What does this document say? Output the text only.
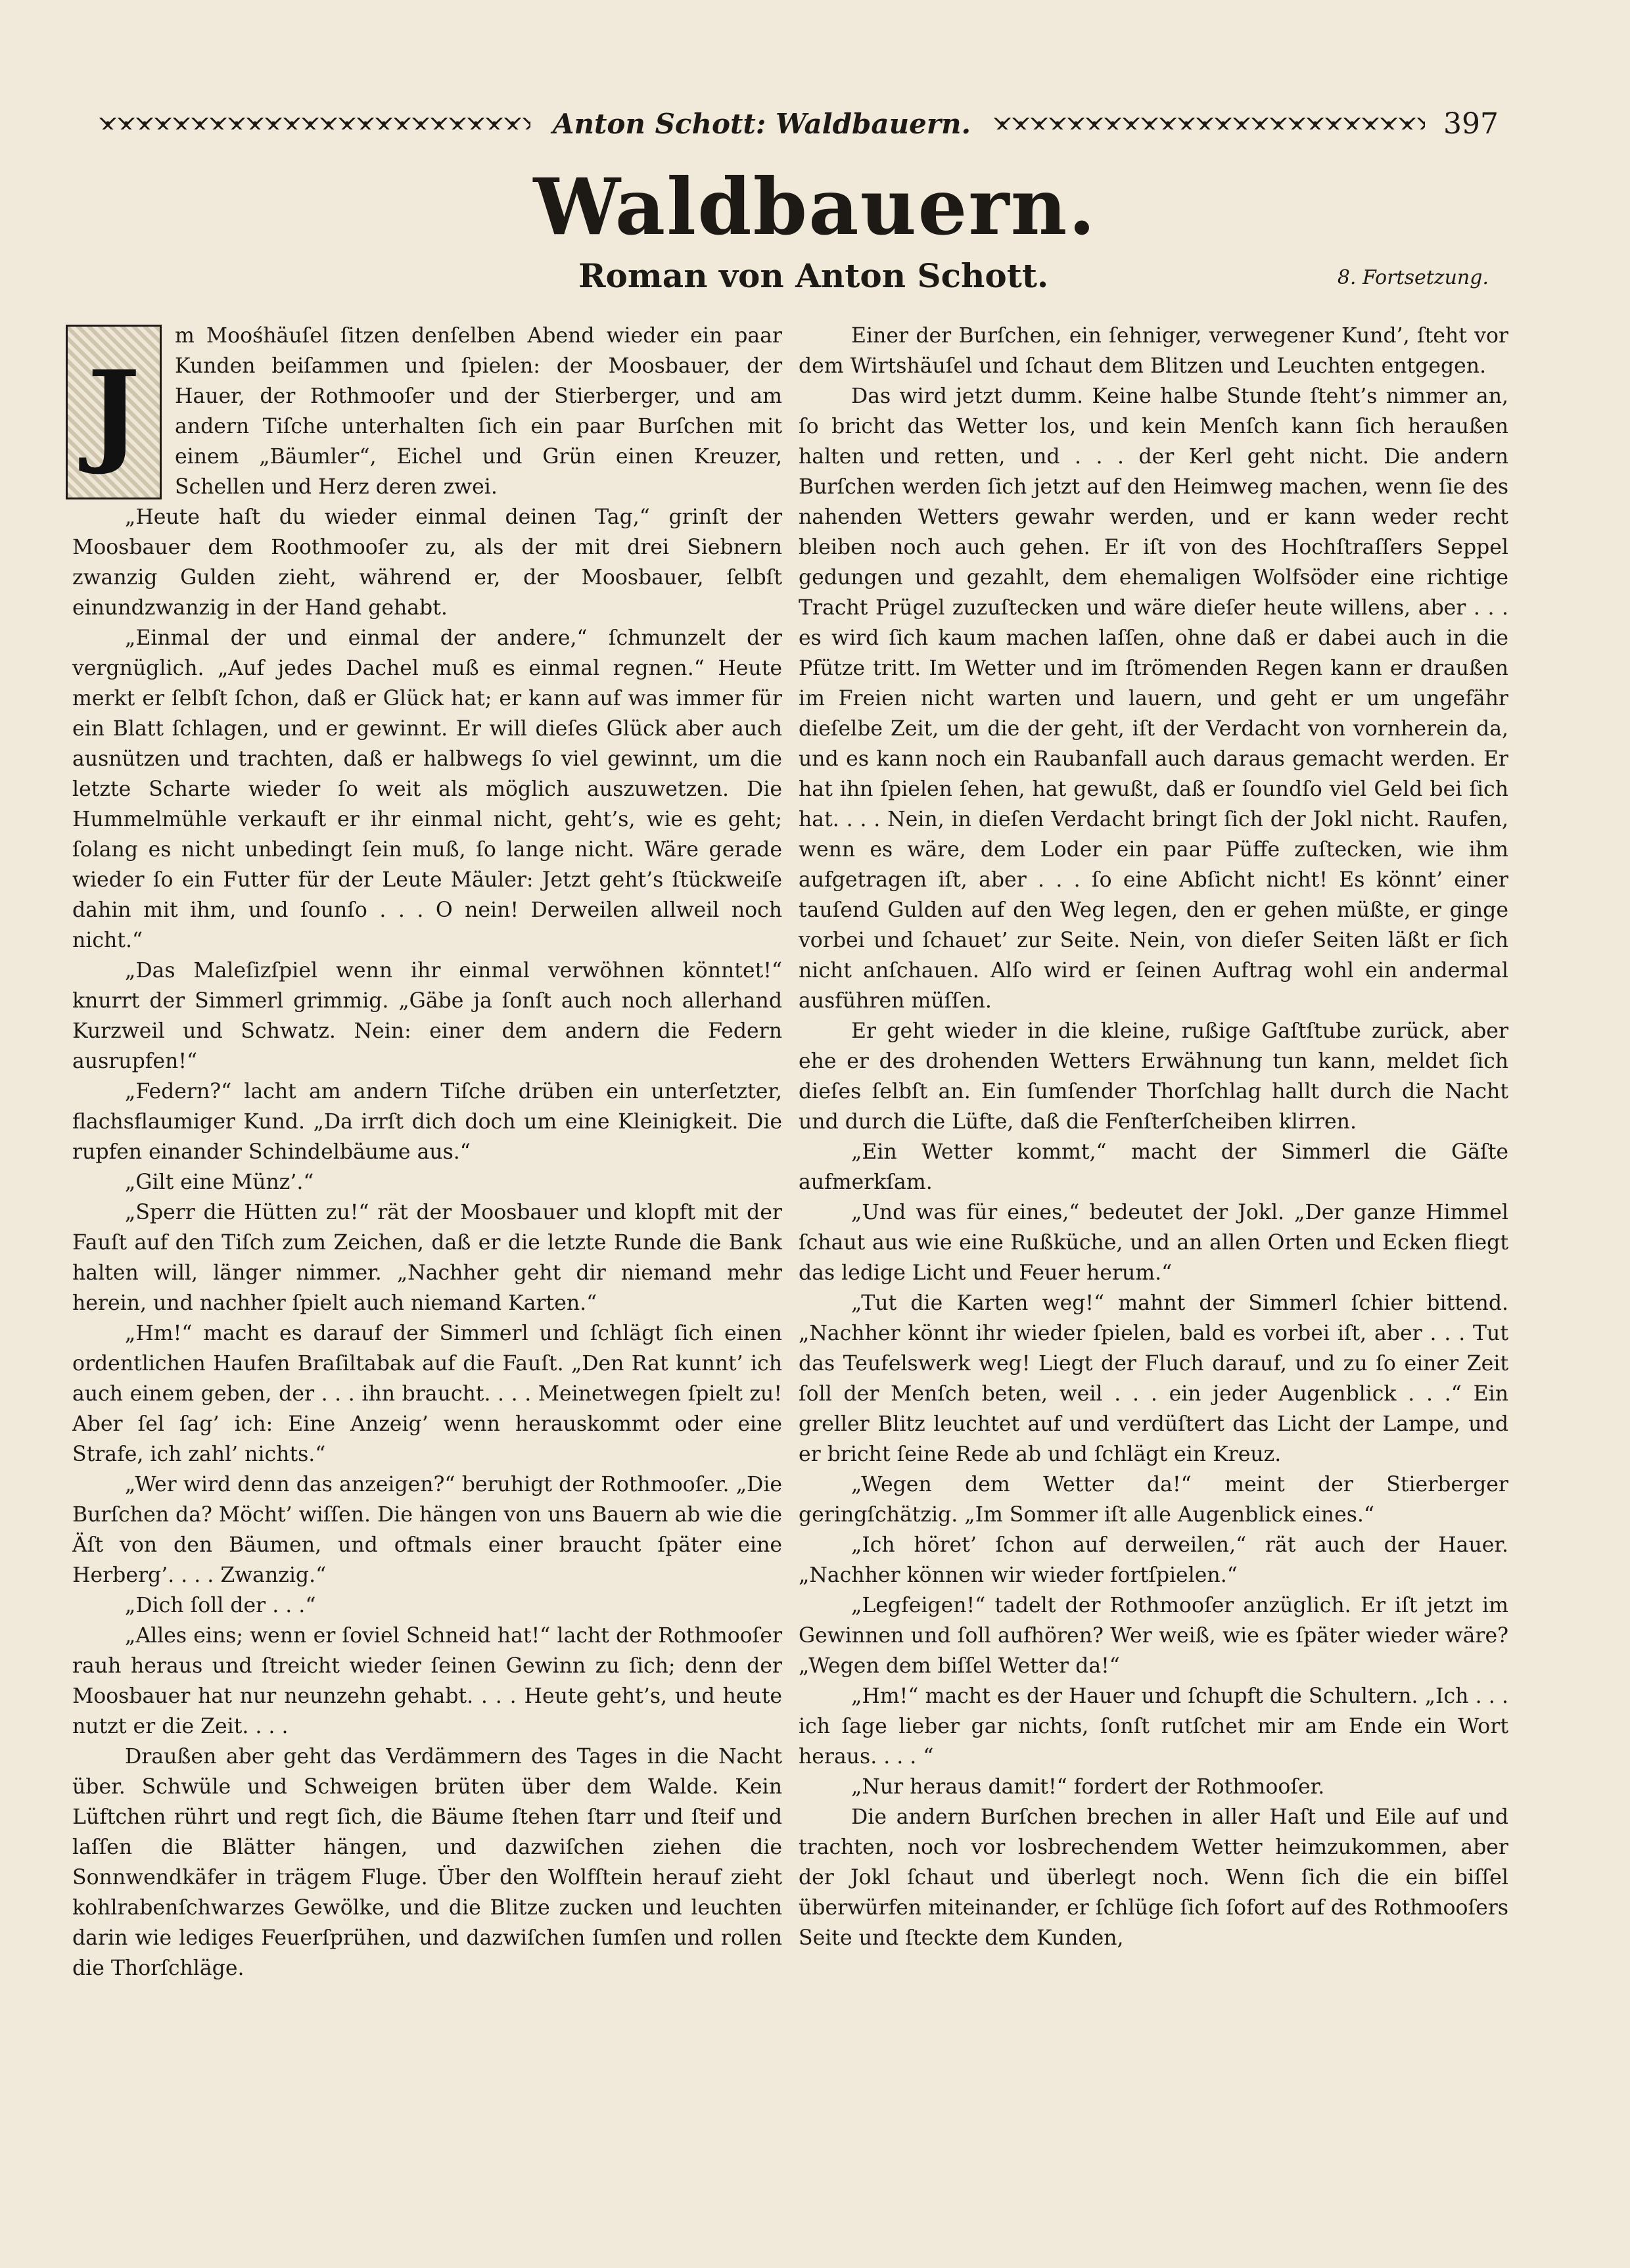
Anton Schott: Waldbauern.	397
Waldbauern.
Roman von Anton Schott.	8. Fortsetzung.

J
m Moośhäuſel ſitzen denſelben Abend wieder ein paar Kunden beiſammen und ſpielen: der Moosbauer, der Hauer, der Rothmooſer und der Stierberger, und am andern Tiſche unterhalten ſich ein paar Burſchen mit einem „Bäumler“, Eichel und Grün einen Kreuzer, Schellen und Herz deren zwei.

„Heute haſt du wieder einmal deinen Tag,“ grinſt der Moosbauer dem Roothmooſer zu, als der mit drei Siebnern zwanzig Gulden zieht, während er, der Moosbauer, ſelbſt einundzwanzig in der Hand gehabt.

„Einmal der und einmal der andere,“ ſchmunzelt der vergnüglich. „Auf jedes Dachel muß es einmal regnen.“ Heute merkt er ſelbſt ſchon, daß er Glück hat; er kann auf was immer für ein Blatt ſchlagen, und er gewinnt. Er will dieſes Glück aber auch ausnützen und trachten, daß er halbwegs ſo viel gewinnt, um die letzte Scharte wieder ſo weit als möglich auszuwetzen. Die Hummelmühle verkauft er ihr einmal nicht, geht’s, wie es geht; ſolang es nicht unbedingt ſein muß, ſo lange nicht. Wäre gerade wieder ſo ein Futter für der Leute Mäuler: Jetzt geht’s ſtückweiſe dahin mit ihm, und ſounſo . . . O nein! Derweilen allweil noch nicht.“

„Das Maleſizſpiel wenn ihr einmal verwöhnen könntet!“ knurrt der Simmerl grimmig. „Gäbe ja ſonſt auch noch allerhand Kurzweil und Schwatz. Nein: einer dem andern die Federn ausrupfen!“

„Federn?“ lacht am andern Tiſche drüben ein unterſetzter, flachsflaumiger Kund. „Da irrſt dich doch um eine Kleinigkeit. Die rupfen einander Schindelbäume aus.“

„Gilt eine Münz’.“

„Sperr die Hütten zu!“ rät der Moosbauer und klopft mit der Fauſt auf den Tiſch zum Zeichen, daß er die letzte Runde die Bank halten will, länger nimmer. „Nachher geht dir niemand mehr herein, und nachher ſpielt auch niemand Karten.“

„Hm!“ macht es darauf der Simmerl und ſchlägt ſich einen ordentlichen Haufen Braſiltabak auf die Fauſt. „Den Rat kunnt’ ich auch einem geben, der . . . ihn braucht. . . . Meinetwegen ſpielt zu! Aber ſel ſag’ ich: Eine Anzeig’ wenn herauskommt oder eine Strafe, ich zahl’ nichts.“

„Wer wird denn das anzeigen?“ beruhigt der Rothmooſer. „Die Burſchen da? Möcht’ wiſſen. Die hängen von uns Bauern ab wie die Äſt von den Bäumen, und oftmals einer braucht ſpäter eine Herberg’. . . . Zwanzig.“

„Dich ſoll der . . .“

„Alles eins; wenn er ſoviel Schneid hat!“ lacht der Rothmooſer rauh heraus und ſtreicht wieder ſeinen Gewinn zu ſich; denn der Moosbauer hat nur neunzehn gehabt. . . . Heute geht’s, und heute nutzt er die Zeit. . . .

Draußen aber geht das Verdämmern des Tages in die Nacht über. Schwüle und Schweigen brüten über dem Walde. Kein Lüftchen rührt und regt ſich, die Bäume ſtehen ſtarr und ſteif und laſſen die Blätter hängen, und dazwiſchen ziehen die Sonnwendkäfer in trägem Fluge. Über den Wolfſtein herauf zieht kohlrabenſchwarzes Gewölke, und die Blitze zucken und leuchten darin wie lediges Feuerſprühen, und dazwiſchen ſumſen und rollen die Thorſchläge.

Einer der Burſchen, ein ſehniger, verwegener Kund’, ſteht vor dem Wirtshäuſel und ſchaut dem Blitzen und Leuchten entgegen.

Das wird jetzt dumm. Keine halbe Stunde ſteht’s nimmer an, ſo bricht das Wetter los, und kein Menſch kann ſich heraußen halten und retten, und . . . der Kerl geht nicht. Die andern Burſchen werden ſich jetzt auf den Heimweg machen, wenn ſie des nahenden Wetters gewahr werden, und er kann weder recht bleiben noch auch gehen. Er iſt von des Hochſtraſſers Seppel gedungen und gezahlt, dem ehemaligen Wolfsöder eine richtige Tracht Prügel zuzuſtecken und wäre dieſer heute willens, aber . . . es wird ſich kaum machen laſſen, ohne daß er dabei auch in die Pfütze tritt. Im Wetter und im ſtrömenden Regen kann er draußen im Freien nicht warten und lauern, und geht er um ungefähr dieſelbe Zeit, um die der geht, iſt der Verdacht von vornherein da, und es kann noch ein Raubanfall auch daraus gemacht werden. Er hat ihn ſpielen ſehen, hat gewußt, daß er ſoundſo viel Geld bei ſich hat. . . . Nein, in dieſen Verdacht bringt ſich der Jokl nicht. Raufen, wenn es wäre, dem Loder ein paar Püffe zuſtecken, wie ihm aufgetragen iſt, aber . . . ſo eine Abſicht nicht! Es könnt’ einer tauſend Gulden auf den Weg legen, den er gehen müßte, er ginge vorbei und ſchauet’ zur Seite. Nein, von dieſer Seiten läßt er ſich nicht anſchauen. Alſo wird er ſeinen Auftrag wohl ein andermal ausführen müſſen.

Er geht wieder in die kleine, rußige Gaſtſtube zurück, aber ehe er des drohenden Wetters Erwähnung tun kann, meldet ſich dieſes ſelbſt an. Ein ſumſender Thorſchlag hallt durch die Nacht und durch die Lüfte, daß die Fenſterſcheiben klirren.

„Ein Wetter kommt,“ macht der Simmerl die Gäſte aufmerkſam.

„Und was für eines,“ bedeutet der Jokl. „Der ganze Himmel ſchaut aus wie eine Rußküche, und an allen Orten und Ecken fliegt das ledige Licht und Feuer herum.“

„Tut die Karten weg!“ mahnt der Simmerl ſchier bittend. „Nachher könnt ihr wieder ſpielen, bald es vorbei iſt, aber . . . Tut das Teufelswerk weg! Liegt der Fluch darauf, und zu ſo einer Zeit ſoll der Menſch beten, weil . . . ein jeder Augenblick . . .“ Ein greller Blitz leuchtet auf und verdüſtert das Licht der Lampe, und er bricht ſeine Rede ab und ſchlägt ein Kreuz.

„Wegen dem Wetter da!“ meint der Stierberger geringſchätzig. „Im Sommer iſt alle Augenblick eines.“

„Ich höret’ ſchon auf derweilen,“ rät auch der Hauer. „Nachher können wir wieder fortſpielen.“

„Legfeigen!“ tadelt der Rothmooſer anzüglich. Er iſt jetzt im Gewinnen und ſoll aufhören? Wer weiß, wie es ſpäter wieder wäre? „Wegen dem biſſel Wetter da!“

„Hm!“ macht es der Hauer und ſchupft die Schultern. „Ich . . . ich ſage lieber gar nichts, ſonſt rutſchet mir am Ende ein Wort heraus. . . . “

„Nur heraus damit!“ fordert der Rothmooſer.

Die andern Burſchen brechen in aller Haſt und Eile auf und trachten, noch vor losbrechendem Wetter heimzukommen, aber der Jokl ſchaut und überlegt noch. Wenn ſich die ein biſſel überwürfen miteinander, er ſchlüge ſich ſofort auf des Rothmooſers Seite und ſteckte dem Kunden,
